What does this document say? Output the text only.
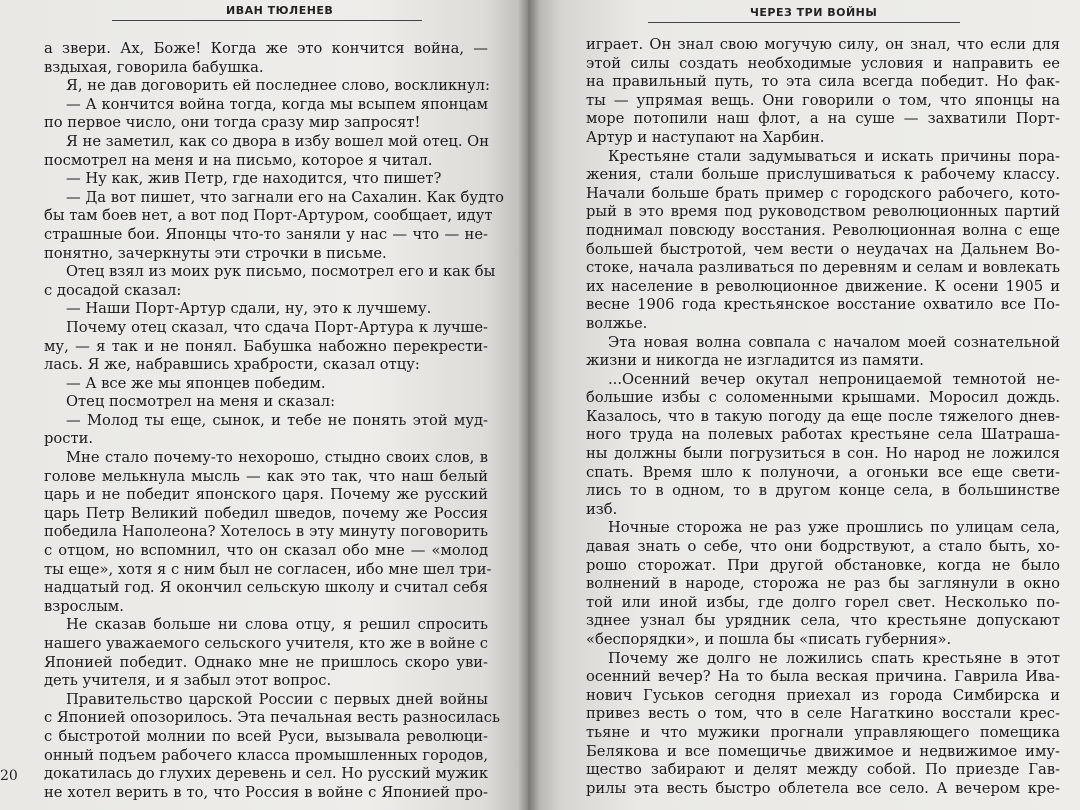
ИВАН ТЮЛЕНЕВ
а звери. Ах, Боже! Когда же это кончится война, —
вздыхая, говорила бабушка.
Я, не дав договорить ей последнее слово, воскликнул:
— А кончится война тогда, когда мы всыпем японцам
по первое число, они тогда сразу мир запросят!
Я не заметил, как со двора в избу вошел мой отец. Он
посмотрел на меня и на письмо, которое я читал.
— Ну как, жив Петр, где находится, что пишет?
— Да вот пишет, что загнали его на Сахалин. Как будто
бы там боев нет, а вот под Порт-Артуром, сообщает, идут
страшные бои. Японцы что-то заняли у нас — что — не-
понятно, зачеркнуты эти строчки в письме.
Отец взял из моих рук письмо, посмотрел его и как бы
с досадой сказал:
— Наши Порт-Артур сдали, ну, это к лучшему.
Почему отец сказал, что сдача Порт-Артура к лучше-
му, — я так и не понял. Бабушка набожно перекрести-
лась. Я же, набравшись храбрости, сказал отцу:
— А все же мы японцев победим.
Отец посмотрел на меня и сказал:
— Молод ты еще, сынок, и тебе не понять этой муд-
рости.
Мне стало почему-то нехорошо, стыдно своих слов, в
голове мелькнула мысль — как это так, что наш белый
царь и не победит японского царя. Почему же русский
царь Петр Великий победил шведов, почему же Россия
победила Наполеона? Хотелось в эту минуту поговорить
с отцом, но вспомнил, что он сказал обо мне — «молод
ты еще», хотя я с ним был не согласен, ибо мне шел три-
надцатый год. Я окончил сельскую школу и считал себя
взрослым.
Не сказав больше ни слова отцу, я решил спросить
нашего уважаемого сельского учителя, кто же в войне с
Японией победит. Однако мне не пришлось скоро уви-
деть учителя, и я забыл этот вопрос.
Правительство царской России с первых дней войны
с Японией опозорилось. Эта печальная весть разносилась
с быстротой молнии по всей Руси, вызывала революци-
онный подъем рабочего класса промышленных городов,
докатилась до глухих деревень и сел. Но русский мужик
не хотел верить в то, что Россия в войне с Японией про-
20
ЧЕРЕЗ ТРИ ВОЙНЫ
играет. Он знал свою могучую силу, он знал, что если для
этой силы создать необходимые условия и направить ее
на правильный путь, то эта сила всегда победит. Но фак-
ты — упрямая вещь. Они говорили о том, что японцы на
море потопили наш флот, а на суше — захватили Порт-
Артур и наступают на Харбин.
Крестьяне стали задумываться и искать причины пора-
жения, стали больше прислушиваться к рабочему классу.
Начали больше брать пример с городского рабочего, кото-
рый в это время под руководством революционных партий
поднимал повсюду восстания. Революционная волна с еще
большей быстротой, чем вести о неудачах на Дальнем Во-
стоке, начала разливаться по деревням и селам и вовлекать
их население в революционное движение. К осени 1905 и
весне 1906 года крестьянское восстание охватило все По-
волжье.
Эта новая волна совпала с началом моей сознательной
жизни и никогда не изгладится из памяти.
...Осенний вечер окутал непроницаемой темнотой не-
большие избы с соломенными крышами. Моросил дождь.
Казалось, что в такую погоду да еще после тяжелого днев-
ного труда на полевых работах крестьяне села Шатраша-
ны должны были погрузиться в сон. Но народ не ложился
спать. Время шло к полуночи, а огоньки все еще свети-
лись то в одном, то в другом конце села, в большинстве
изб.
Ночные сторожа не раз уже прошлись по улицам села,
давая знать о себе, что они бодрствуют, а стало быть, хо-
рошо сторожат. При другой обстановке, когда не было
волнений в народе, сторожа не раз бы заглянули в окно
той или иной избы, где долго горел свет. Несколько по-
зднее узнал бы урядник села, что крестьяне допускают
«беспорядки», и пошла бы «писать губерния».
Почему же долго не ложились спать крестьяне в этот
осенний вечер? На то была веская причина. Гаврила Ива-
нович Гуськов сегодня приехал из города Симбирска и
привез весть о том, что в селе Нагаткино восстали крес-
тьяне и что мужики прогнали управляющего помещика
Белякова и все помещичье движимое и недвижимое иму-
щество забирают и делят между собой. По приезде Гав-
рилы эта весть быстро облетела все село. А вечером кре-
